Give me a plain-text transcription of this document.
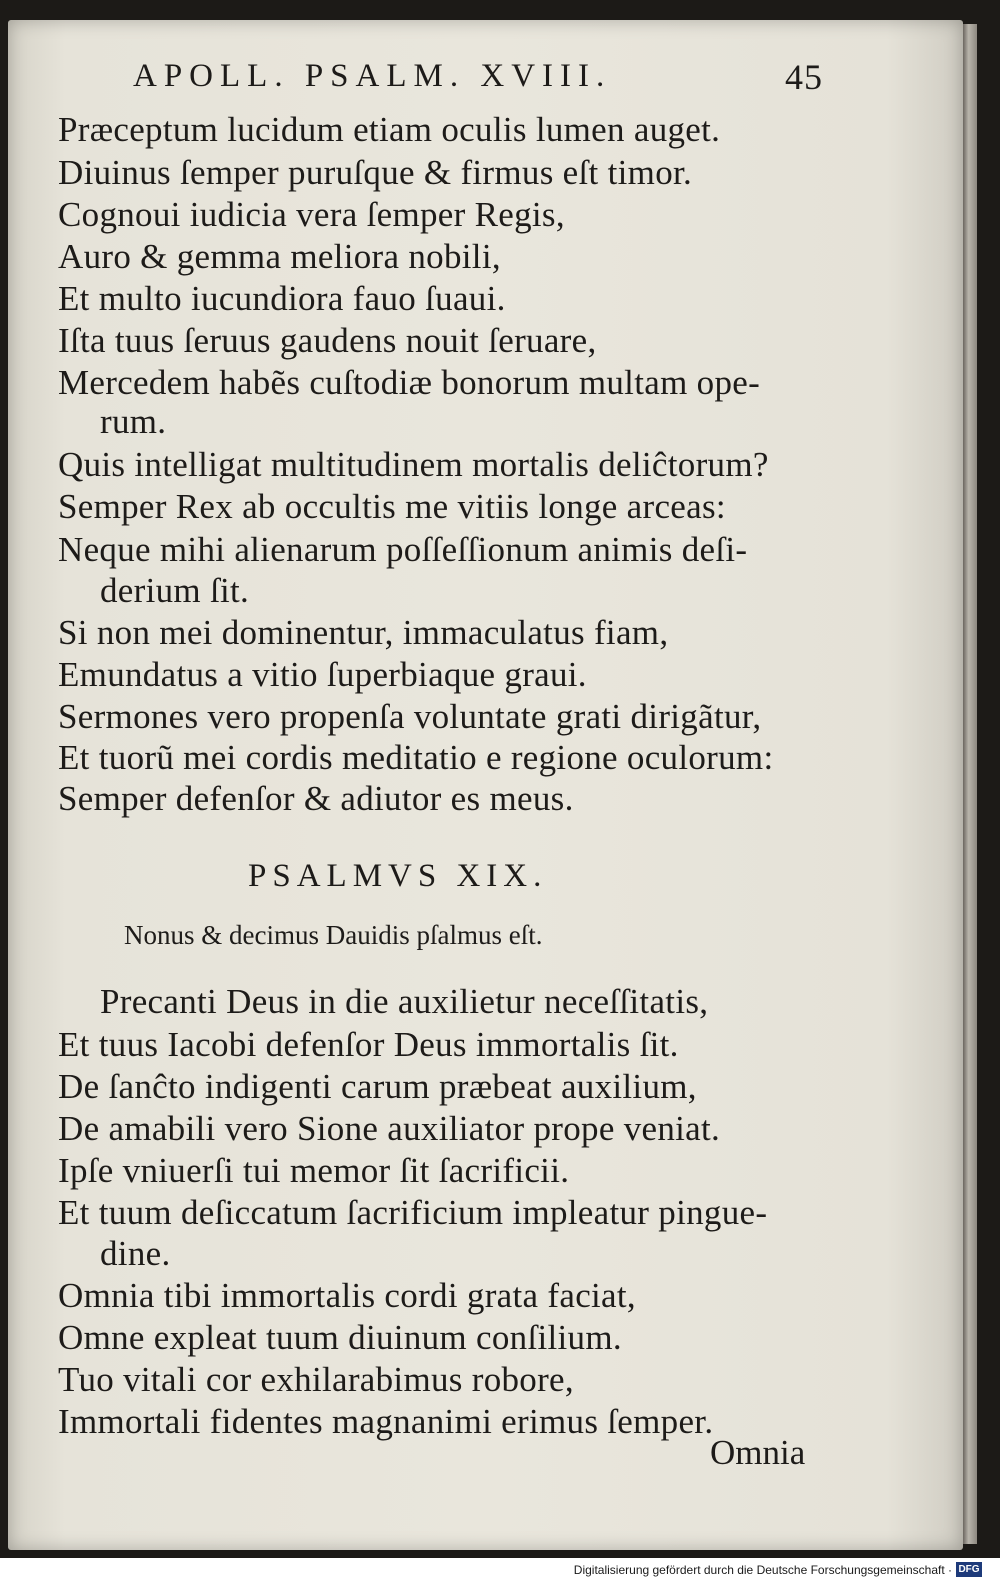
APOLL. PSALM. XVIII.	45
Præceptum lucidum etiam oculis lumen auget.
Diuinus ſemper puruſque & firmus eſt timor.
Cognoui iudicia vera ſemper Regis,
Auro & gemma meliora nobili,
Et multo iucundiora fauo ſuaui.
Iſta tuus ſeruus gaudens nouit ſeruare,
Mercedem habẽs cuſtodiæ bonorum multam ope-
rum.
Quis intelligat multitudinem mortalis deliĉtorum?
Semper Rex ab occultis me vitiis longe arceas:
Neque mihi alienarum poſſeſſionum animis deſi-
derium ſit.
Si non mei dominentur, immaculatus fiam,
Emundatus a vitio ſuperbiaque graui.
Sermones vero propenſa voluntate grati dirigãtur,
Et tuorũ mei cordis meditatio e regione oculorum:
Semper defenſor & adiutor es meus.
PSALMVS XIX.
Nonus & decimus Dauidis pſalmus eſt.
Precanti Deus in die auxilietur neceſſitatis,
Et tuus Iacobi defenſor Deus immortalis ſit.
De ſanĉto indigenti carum præbeat auxilium,
De amabili vero Sione auxiliator prope veniat.
Ipſe vniuerſi tui memor ſit ſacrificii.
Et tuum deſiccatum ſacrificium impleatur pingue-
dine.
Omnia tibi immortalis cordi grata faciat,
Omne expleat tuum diuinum conſilium.
Tuo vitali cor exhilarabimus robore,
Immortali fidentes magnanimi erimus ſemper.
Omnia
Digitalisierung gefördert durch die Deutsche Forschungsgemeinschaft · DFG
